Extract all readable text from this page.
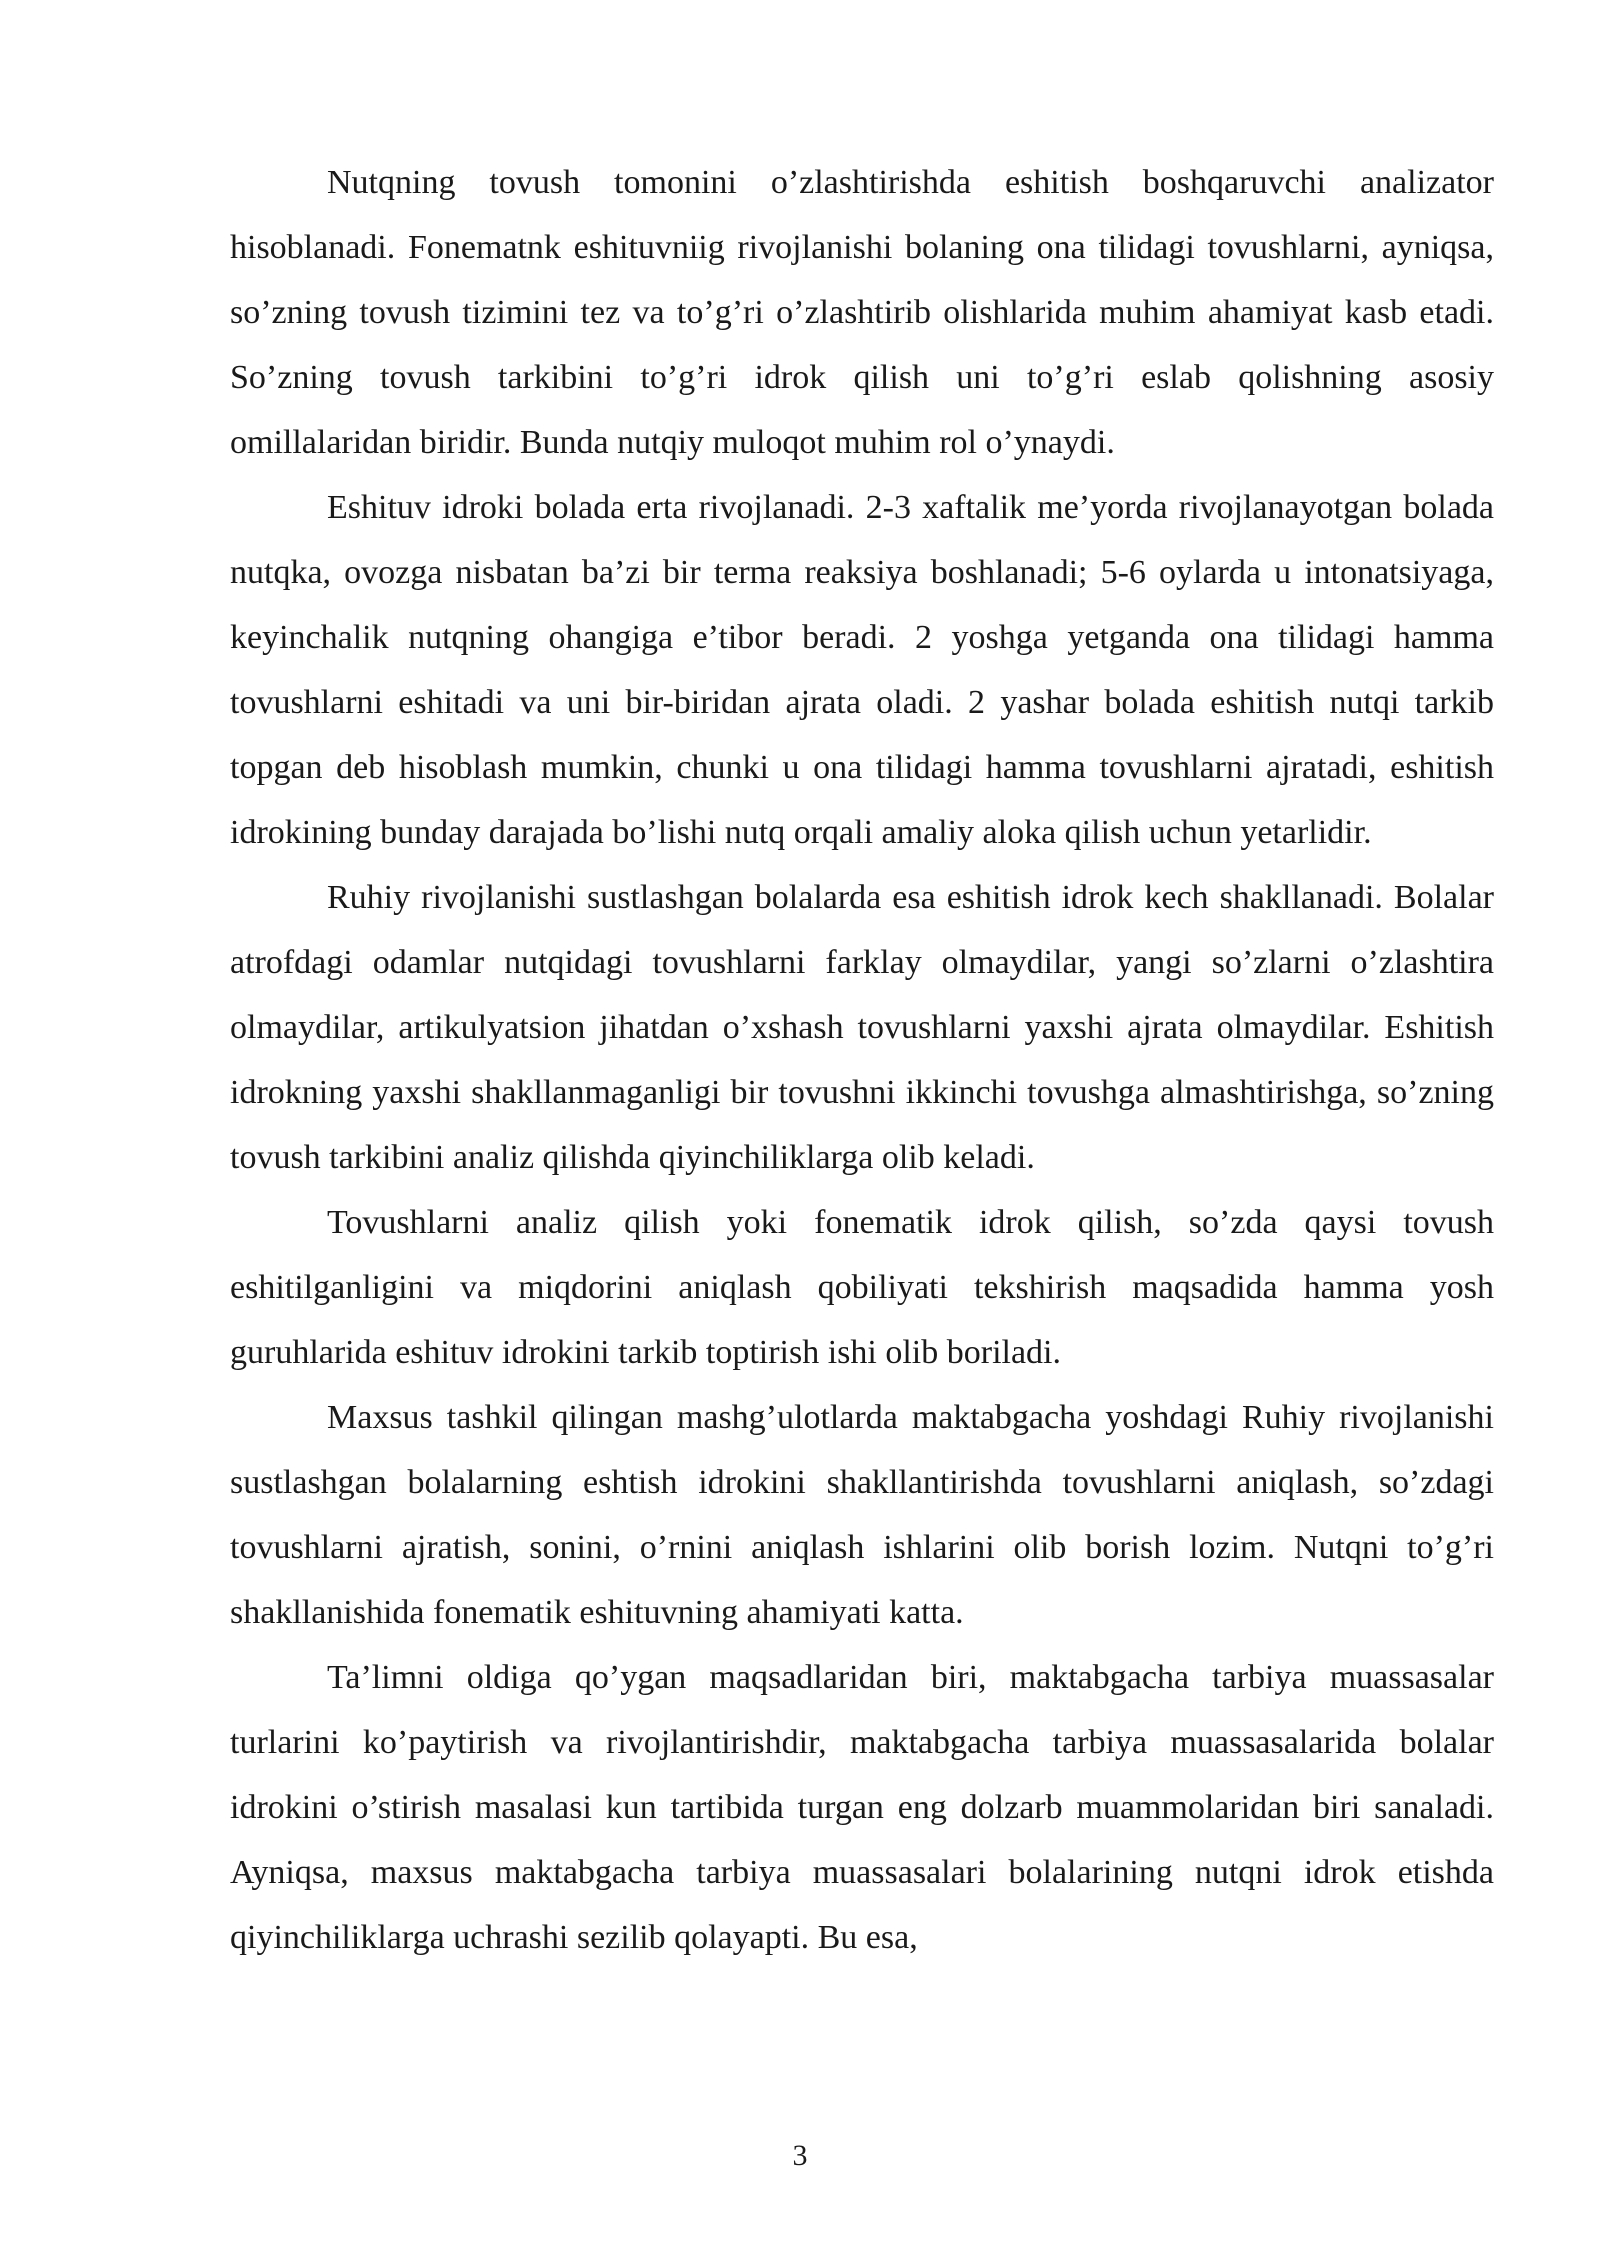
Nutqning tovush tomonini o’zlashtirishda eshitish boshqaruvchi analizator hisoblanadi. Fonematnk eshituvniig rivojlanishi bolaning ona tilidagi tovushlarni, ayniqsa, so’zning tovush tizimini tez va to’g’ri o’zlashtirib olishlarida muhim ahamiyat kasb etadi. So’zning tovush tarkibini to’g’ri idrok qilish uni to’g’ri eslab qolishning asosiy omillalaridan biridir. Bunda nutqiy muloqot muhim rol o’ynaydi.

Eshituv idroki bolada erta rivojlanadi. 2-3 xaftalik me’yorda rivojlanayotgan bolada nutqka, ovozga nisbatan ba’zi bir terma reaksiya boshlanadi; 5-6 oylarda u intonatsiyaga, keyinchalik nutqning ohangiga e’tibor beradi. 2 yoshga yetganda ona tilidagi hamma tovushlarni eshitadi va uni bir-biridan ajrata oladi. 2 yashar bolada eshitish nutqi tarkib topgan deb hisoblash mumkin, chunki u ona tilidagi hamma tovushlarni ajratadi, eshitish idrokining bunday darajada bo’lishi nutq orqali amaliy aloka qilish uchun yetarlidir.

Ruhiy rivojlanishi sustlashgan bolalarda esa eshitish idrok kech shakllanadi. Bolalar atrofdagi odamlar nutqidagi tovushlarni farklay olmaydilar, yangi so’zlarni o’zlashtira olmaydilar, artikulyatsion jihatdan o’xshash tovushlarni yaxshi ajrata olmaydilar. Eshitish idrokning yaxshi shakllanmaganligi bir tovushni ikkinchi tovushga almashtirishga, so’zning tovush tarkibini analiz qilishda qiyinchiliklarga olib keladi.

Tovushlarni analiz qilish yoki fonematik idrok qilish, so’zda qaysi tovush eshitilganligini va miqdorini aniqlash qobiliyati tekshirish maqsadida hamma yosh guruhlarida eshituv idrokini tarkib toptirish ishi olib boriladi.

Maxsus tashkil qilingan mashg’ulotlarda maktabgacha yoshdagi Ruhiy rivojlanishi sustlashgan bolalarning eshtish idrokini shakllantirishda tovushlarni aniqlash, so’zdagi tovushlarni ajratish, sonini, o’rnini aniqlash ishlarini olib borish lozim. Nutqni to’g’ri shakllanishida fonematik eshituvning ahamiyati katta.

Ta’limni oldiga qo’ygan maqsadlaridan biri, maktabgacha tarbiya muassasalar turlarini ko’paytirish va rivojlantirishdir, maktabgacha tarbiya muassasalarida bolalar idrokini o’stirish masalasi kun tartibida turgan eng dolzarb muammolaridan biri sanaladi. Ayniqsa, maxsus maktabgacha tarbiya muassasalari bolalarining nutqni idrok etishda qiyinchiliklarga uchrashi sezilib qolayapti. Bu esa,

3
